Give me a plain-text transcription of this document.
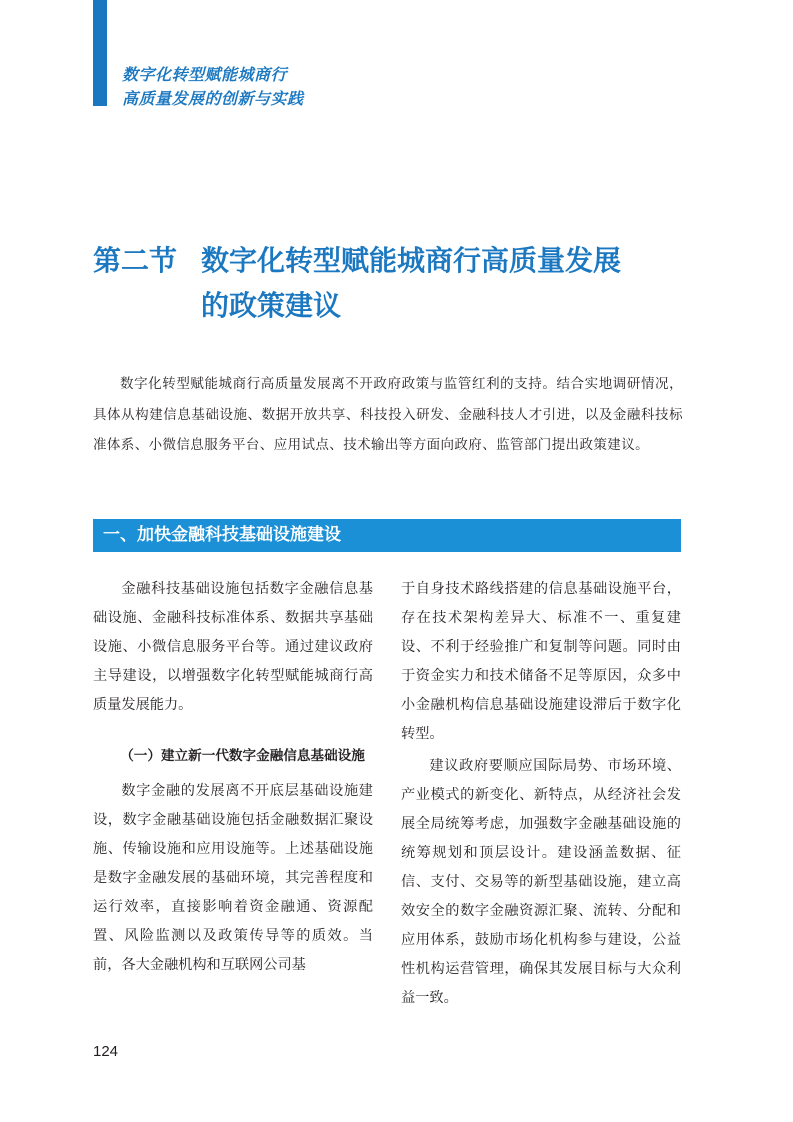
数字化转型赋能城商行
高质量发展的创新与实践
第二节 数字化转型赋能城商行高质量发展
的政策建议
数字化转型赋能城商行高质量发展离不开政府政策与监管红利的支持。结合实地调研情况，具体从构建信息基础设施、数据开放共享、科技投入研发、金融科技人才引进，以及金融科技标准体系、小微信息服务平台、应用试点、技术输出等方面向政府、监管部门提出政策建议。
一、加快金融科技基础设施建设

金融科技基础设施包括数字金融信息基础设施、金融科技标准体系、数据共享基础设施、小微信息服务平台等。通过建议政府主导建设，以增强数字化转型赋能城商行高质量发展能力。

（一）建立新一代数字金融信息基础设施

数字金融的发展离不开底层基础设施建设，数字金融基础设施包括金融数据汇聚设施、传输设施和应用设施等。上述基础设施是数字金融发展的基础环境，其完善程度和运行效率，直接影响着资金融通、资源配置、风险监测以及政策传导等的质效。当前，各大金融机构和互联网公司基

于自身技术路线搭建的信息基础设施平台，存在技术架构差异大、标准不一、重复建设、不利于经验推广和复制等问题。同时由于资金实力和技术储备不足等原因，众多中小金融机构信息基础设施建设滞后于数字化转型。

建议政府要顺应国际局势、市场环境、产业模式的新变化、新特点，从经济社会发展全局统筹考虑，加强数字金融基础设施的统筹规划和顶层设计。建设涵盖数据、征信、支付、交易等的新型基础设施，建立高效安全的数字金融资源汇聚、流转、分配和应用体系，鼓励市场化机构参与建设，公益性机构运营管理，确保其发展目标与大众利益一致。

124
